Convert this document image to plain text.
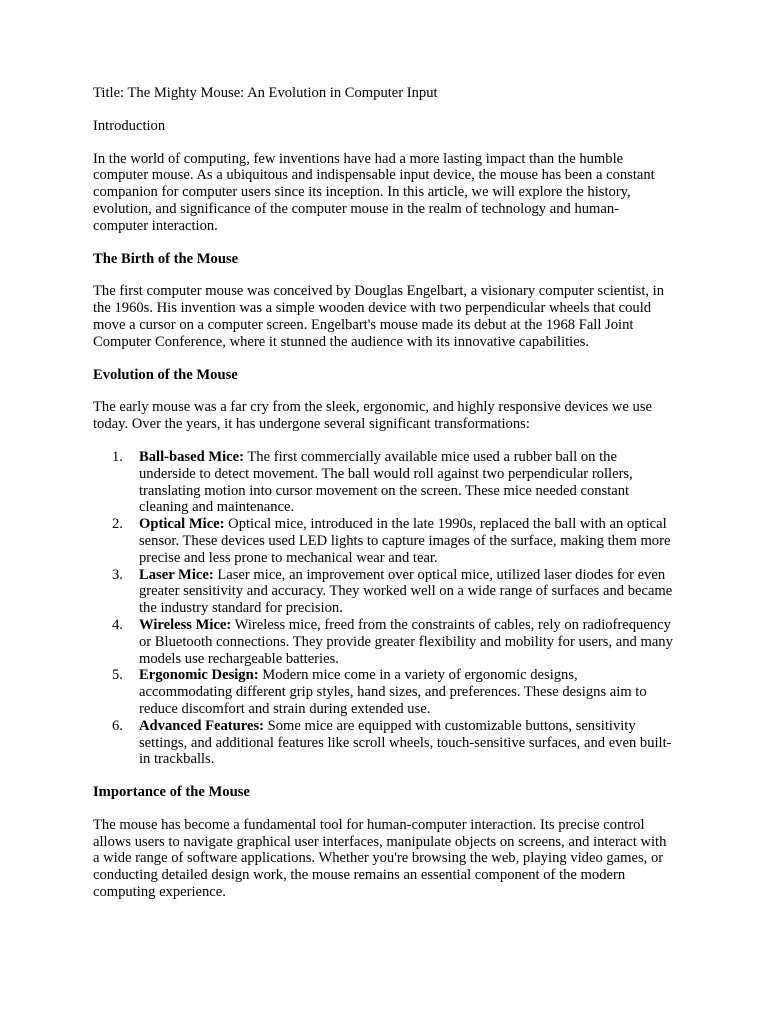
Title: The Mighty Mouse: An Evolution in Computer Input

Introduction

In the world of computing, few inventions have had a more lasting impact than the humble computer mouse. As a ubiquitous and indispensable input device, the mouse has been a constant companion for computer users since its inception. In this article, we will explore the history, evolution, and significance of the computer mouse in the realm of technology and human-computer interaction.

The Birth of the Mouse

The first computer mouse was conceived by Douglas Engelbart, a visionary computer scientist, in the 1960s. His invention was a simple wooden device with two perpendicular wheels that could move a cursor on a computer screen. Engelbart's mouse made its debut at the 1968 Fall Joint Computer Conference, where it stunned the audience with its innovative capabilities.

Evolution of the Mouse

The early mouse was a far cry from the sleek, ergonomic, and highly responsive devices we use today. Over the years, it has undergone several significant transformations:

1. Ball-based Mice: The first commercially available mice used a rubber ball on the underside to detect movement. The ball would roll against two perpendicular rollers, translating motion into cursor movement on the screen. These mice needed constant cleaning and maintenance.
2. Optical Mice: Optical mice, introduced in the late 1990s, replaced the ball with an optical sensor. These devices used LED lights to capture images of the surface, making them more precise and less prone to mechanical wear and tear.
3. Laser Mice: Laser mice, an improvement over optical mice, utilized laser diodes for even greater sensitivity and accuracy. They worked well on a wide range of surfaces and became the industry standard for precision.
4. Wireless Mice: Wireless mice, freed from the constraints of cables, rely on radiofrequency or Bluetooth connections. They provide greater flexibility and mobility for users, and many models use rechargeable batteries.
5. Ergonomic Design: Modern mice come in a variety of ergonomic designs, accommodating different grip styles, hand sizes, and preferences. These designs aim to reduce discomfort and strain during extended use.
6. Advanced Features: Some mice are equipped with customizable buttons, sensitivity settings, and additional features like scroll wheels, touch-sensitive surfaces, and even built-in trackballs.
Importance of the Mouse

The mouse has become a fundamental tool for human-computer interaction. Its precise control allows users to navigate graphical user interfaces, manipulate objects on screens, and interact with a wide range of software applications. Whether you're browsing the web, playing video games, or conducting detailed design work, the mouse remains an essential component of the modern computing experience.
